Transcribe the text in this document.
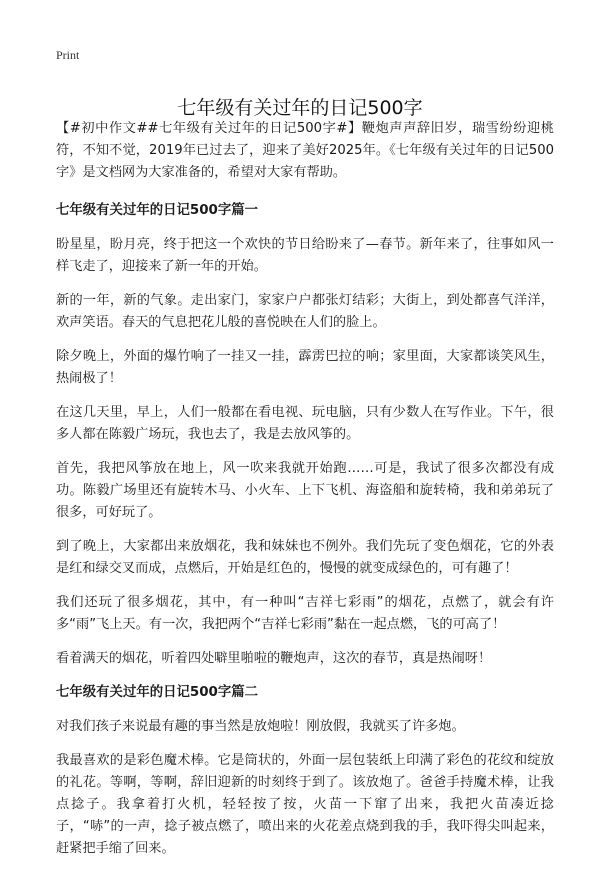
Print
七年级有关过年的日记500字

【#初中作文##七年级有关过年的日记500字#】鞭炮声声辞旧岁，瑞雪纷纷迎桃符，不知不觉，2019年已过去了，迎来了美好2025年。《七年级有关过年的日记500字》是文档网为大家准备的，希望对大家有帮助。

七年级有关过年的日记500字篇一

盼星星，盼月亮，终于把这一个欢快的节日给盼来了—春节。新年来了，往事如风一样飞走了，迎接来了新一年的开始。

新的一年，新的气象。走出家门，家家户户都张灯结彩；大街上，到处都喜气洋洋，欢声笑语。春天的气息把花儿般的喜悦映在人们的脸上。

除夕晚上，外面的爆竹响了一挂又一挂，霹雳巴拉的响；家里面，大家都谈笑风生，热闹极了！

在这几天里，早上，人们一般都在看电视、玩电脑，只有少数人在写作业。下午，很多人都在陈毅广场玩，我也去了，我是去放风筝的。

首先，我把风筝放在地上，风一吹来我就开始跑……可是，我试了很多次都没有成功。陈毅广场里还有旋转木马、小火车、上下飞机、海盗船和旋转椅，我和弟弟玩了很多，可好玩了。

到了晚上，大家都出来放烟花，我和妹妹也不例外。我们先玩了变色烟花，它的外表是红和绿交叉而成，点燃后，开始是红色的，慢慢的就变成绿色的，可有趣了！

我们还玩了很多烟花，其中，有一种叫“吉祥七彩雨”的烟花，点燃了，就会有许多“雨”飞上天。有一次，我把两个“吉祥七彩雨”黏在一起点燃，飞的可高了！

看着满天的烟花，听着四处噼里啪啦的鞭炮声，这次的春节，真是热闹呀！

七年级有关过年的日记500字篇二

对我们孩子来说最有趣的事当然是放炮啦！刚放假，我就买了许多炮。

我最喜欢的是彩色魔术棒。它是筒状的，外面一层包装纸上印满了彩色的花纹和绽放的礼花。等啊，等啊，辞旧迎新的时刻终于到了。该放炮了。爸爸手持魔术棒，让我点捻子。我拿着打火机，轻轻按了按，火苗一下窜了出来，我把火苗凑近捻子，“哧”的一声，捻子被点燃了，喷出来的火花差点烧到我的手，我吓得尖叫起来，赶紧把手缩了回来。
